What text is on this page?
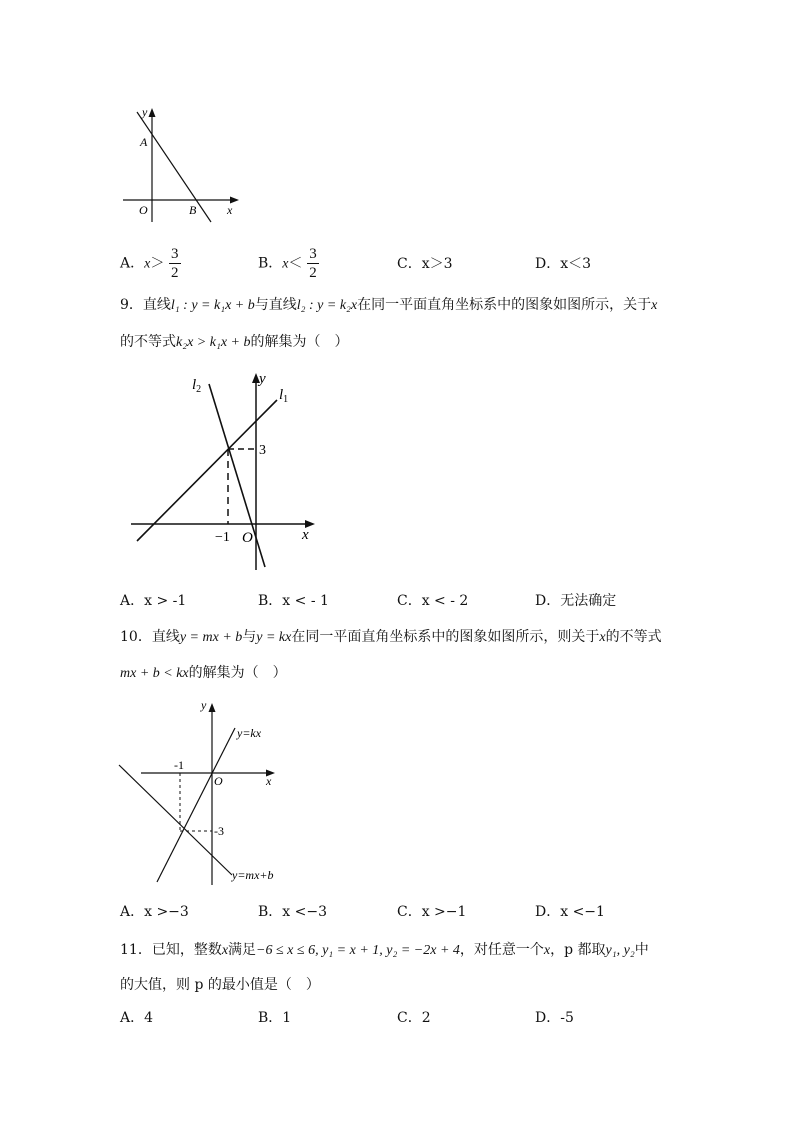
y
A
O	B	x
A．$x> \frac{3}{2}$	B．$x< \frac{3}{2}$	C．x＞3	D．x＜3
9．直线l₁ : y = k₁x + b与直线l₂ : y = k₂x在同一平面直角坐标系中的图象如图所示，关于x
的不等式k₂x > k₁x + b的解集为（　）
$l_2$	$l_1$
y
3
−1 O	x
A．x > -1	B．x < - 1	C．x < - 2	D．无法确定
10．直线y = mx + b与y = kx在同一平面直角坐标系中的图象如图所示，则关于x的不等式
mx + b < kx的解集为（　）
y
y=kx
-1
O	x
-3
y=mx+b
A．x >−3	B．x <−3	C．x >−1	D．x <−1
11．已知，整数x满足−6 ≤ x ≤ 6, y₁ = x + 1, y₂ = −2x + 4，对任意一个x，p 都取y₁, y₂中
的大值，则 p 的最小值是（　）
A．4	B．1	C．2	D．-5
